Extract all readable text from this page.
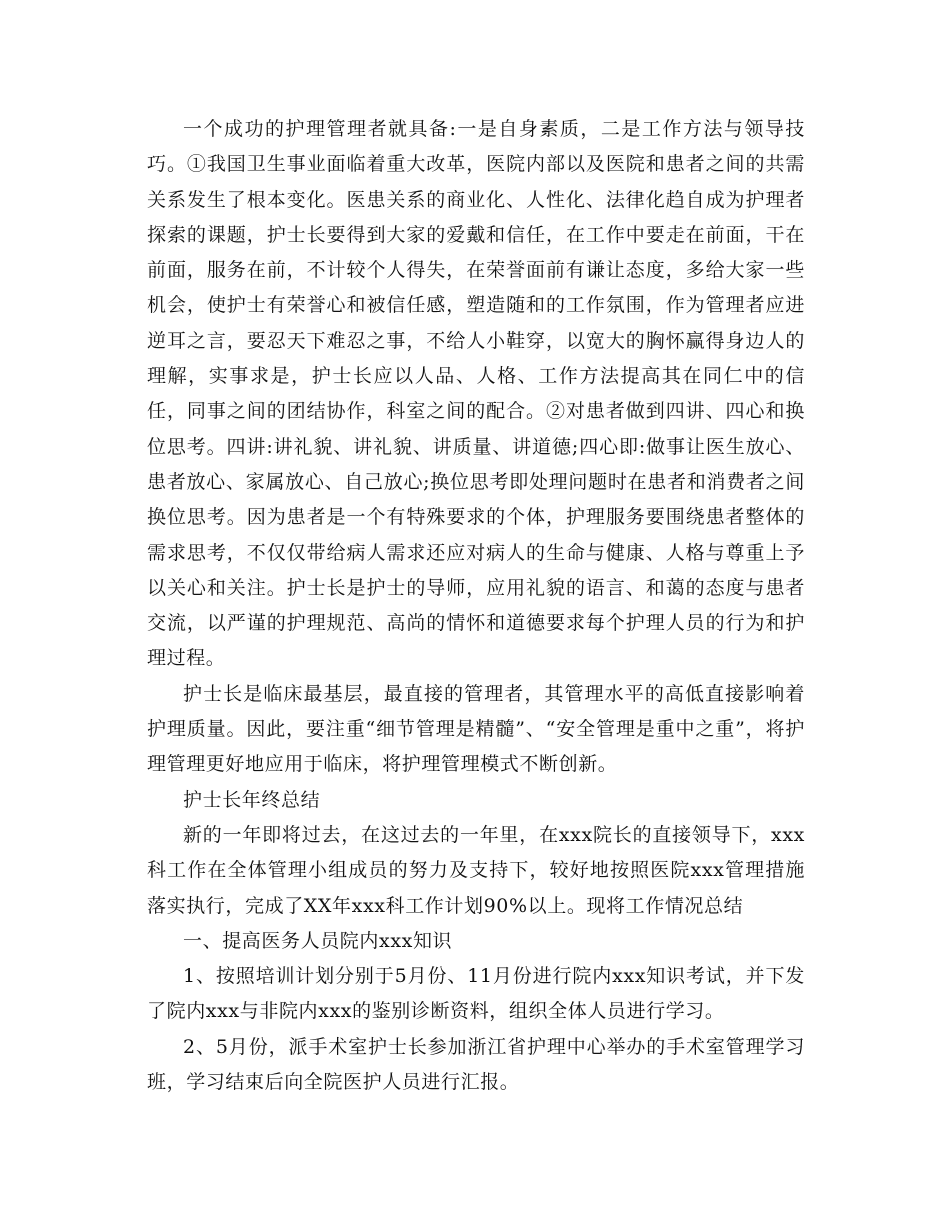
一个成功的护理管理者就具备:一是自身素质，二是工作方法与领导技巧。①我国卫生事业面临着重大改革，医院内部以及医院和患者之间的共需关系发生了根本变化。医患关系的商业化、人性化、法律化趋自成为护理者探索的课题，护士长要得到大家的爱戴和信任，在工作中要走在前面，干在前面，服务在前，不计较个人得失，在荣誉面前有谦让态度，多给大家一些机会，使护士有荣誉心和被信任感，塑造随和的工作氛围，作为管理者应进逆耳之言，要忍天下难忍之事，不给人小鞋穿，以宽大的胸怀赢得身边人的理解，实事求是，护士长应以人品、人格、工作方法提高其在同仁中的信任，同事之间的团结协作，科室之间的配合。②对患者做到四讲、四心和换位思考。四讲:讲礼貌、讲礼貌、讲质量、讲道德;四心即:做事让医生放心、患者放心、家属放心、自己放心;换位思考即处理问题时在患者和消费者之间换位思考。因为患者是一个有特殊要求的个体，护理服务要围绕患者整体的需求思考，不仅仅带给病人需求还应对病人的生命与健康、人格与尊重上予以关心和关注。护士长是护士的导师，应用礼貌的语言、和蔼的态度与患者交流，以严谨的护理规范、高尚的情怀和道德要求每个护理人员的行为和护理过程。

护士长是临床最基层，最直接的管理者，其管理水平的高低直接影响着护理质量。因此，要注重“细节管理是精髓”、“安全管理是重中之重”，将护理管理更好地应用于临床，将护理管理模式不断创新。

护士长年终总结

新的一年即将过去，在这过去的一年里，在xxx院长的直接领导下，xxx科工作在全体管理小组成员的努力及支持下，较好地按照医院xxx管理措施落实执行，完成了XX年xxx科工作计划90%以上。现将工作情况总结

一、提高医务人员院内xxx知识

1、按照培训计划分别于5月份、11月份进行院内xxx知识考试，并下发了院内xxx与非院内xxx的鉴别诊断资料，组织全体人员进行学习。

2、5月份，派手术室护士长参加浙江省护理中心举办的手术室管理学习班，学习结束后向全院医护人员进行汇报。
